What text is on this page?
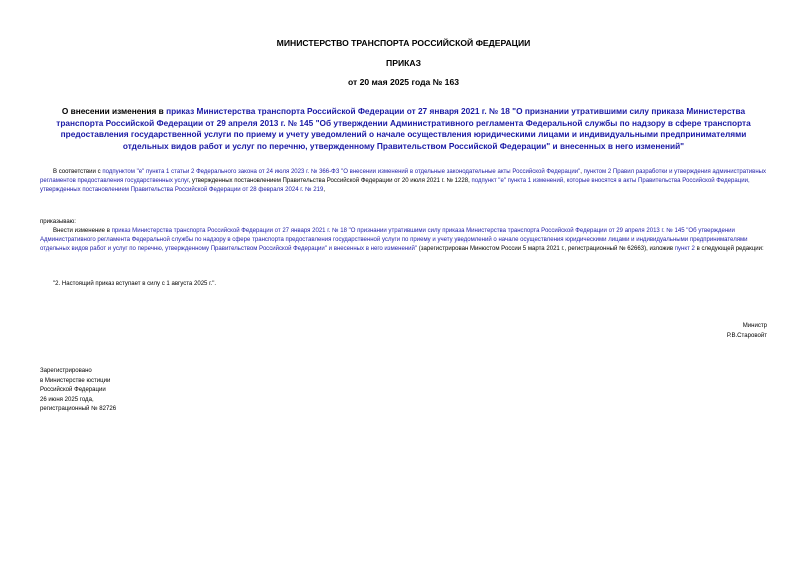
МИНИСТЕРСТВО ТРАНСПОРТА РОССИЙСКОЙ ФЕДЕРАЦИИ
ПРИКАЗ
от 20 мая 2025 года № 163
О внесении изменения в приказ Министерства транспорта Российской Федерации от 27 января 2021 г. № 18 "О признании утратившими силу приказа Министерства транспорта Российской Федерации от 29 апреля 2013 г. № 145 "Об утверждении Административного регламента Федеральной службы по надзору в сфере транспорта предоставления государственной услуги по приему и учету уведомлений о начале осуществления юридическими лицами и индивидуальными предпринимателями отдельных видов работ и услуг по перечню, утвержденному Правительством Российской Федерации" и внесенных в него изменений"
В соответствии с подпунктом "е" пункта 1 статьи 2 Федерального закона от 24 июля 2023 г. № 366-ФЗ "О внесении изменений в отдельные законодательные акты Российской Федерации", пунктом 2 Правил разработки и утверждения административных регламентов предоставления государственных услуг, утвержденных постановлением Правительства Российской Федерации от 20 июля 2021 г. № 1228, подпункт "е" пункта 1 изменений, которые вносятся в акты Правительства Российской Федерации, утвержденных постановлением Правительства Российской Федерации от 28 февраля 2024 г. № 219,
приказываю:
Внести изменение в приказ Министерства транспорта Российской Федерации от 27 января 2021 г. № 18 "О признании утратившими силу приказа Министерства транспорта Российской Федерации от 29 апреля 2013 г. № 145 "Об утверждении Административного регламента Федеральной службы по надзору в сфере транспорта предоставления государственной услуги по приему и учету уведомлений о начале осуществления юридическими лицами и индивидуальными предпринимателями отдельных видов работ и услуг по перечню, утвержденному Правительством Российской Федерации" и внесенных в него изменений" (зарегистрирован Минюстом России 5 марта 2021 г., регистрационный № 62663), изложив пункт 2 в следующей редакции:
"2. Настоящий приказ вступает в силу с 1 августа 2025 г.".
Министр
Р.В.Старовойт
Зарегистрировано
в Министерстве юстиции
Российской Федерации
26 июня 2025 года,
регистрационный № 82726
